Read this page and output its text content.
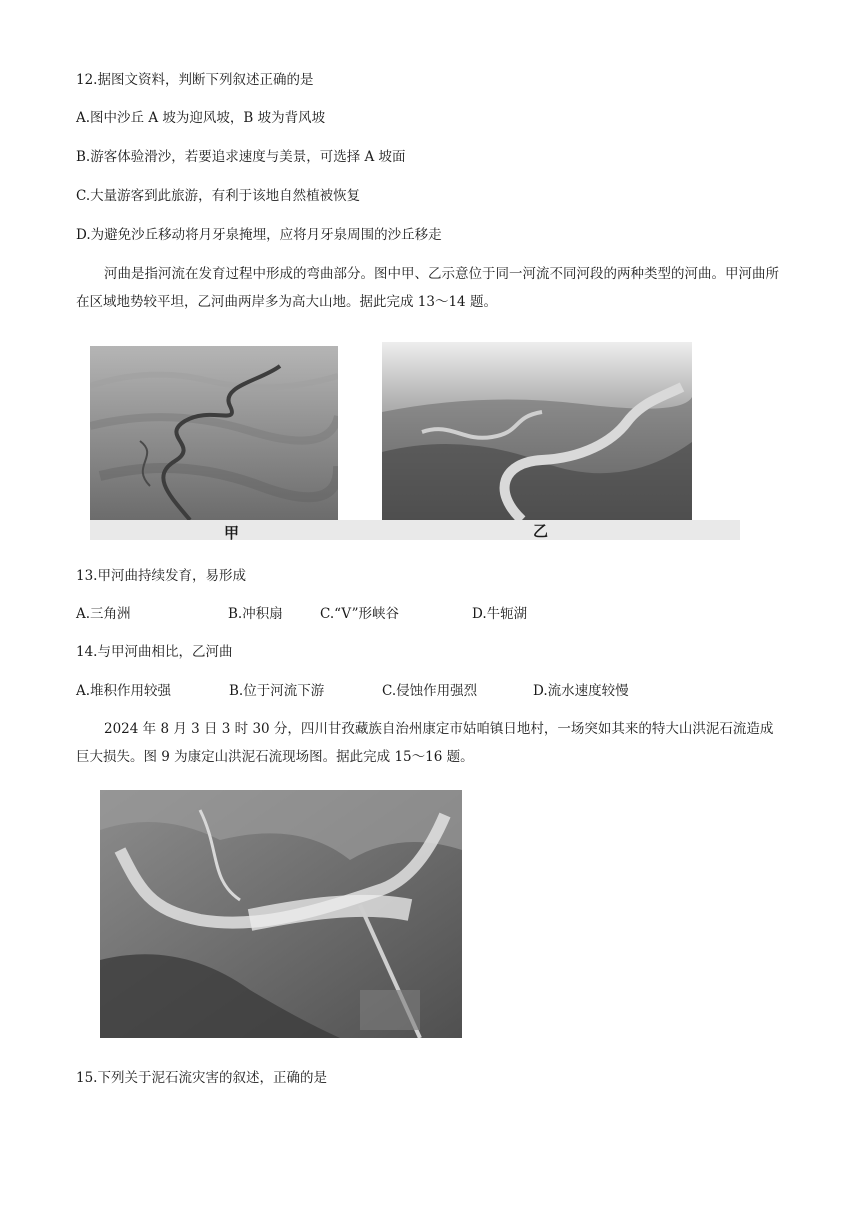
12.据图文资料，判断下列叙述正确的是
A.图中沙丘 A 坡为迎风坡，B 坡为背风坡
B.游客体验滑沙，若要追求速度与美景，可选择 A 坡面
C.大量游客到此旅游，有利于该地自然植被恢复
D.为避免沙丘移动将月牙泉掩埋，应将月牙泉周围的沙丘移走
河曲是指河流在发育过程中形成的弯曲部分。图中甲、乙示意位于同一河流不同河段的两种类型的河曲。甲河曲所在区域地势较平坦，乙河曲两岸多为高大山地。据此完成 13～14 题。
甲	乙
13.甲河曲持续发育，易形成
A.三角洲	B.冲积扇	C.“V”形峡谷	D.牛轭湖
14.与甲河曲相比，乙河曲
A.堆积作用较强	B.位于河流下游	C.侵蚀作用强烈	D.流水速度较慢
2024 年 8 月 3 日 3 时 30 分，四川甘孜藏族自治州康定市姑咱镇日地村，一场突如其来的特大山洪泥石流造成巨大损失。图 9 为康定山洪泥石流现场图。据此完成 15～16 题。
15.下列关于泥石流灾害的叙述，正确的是
